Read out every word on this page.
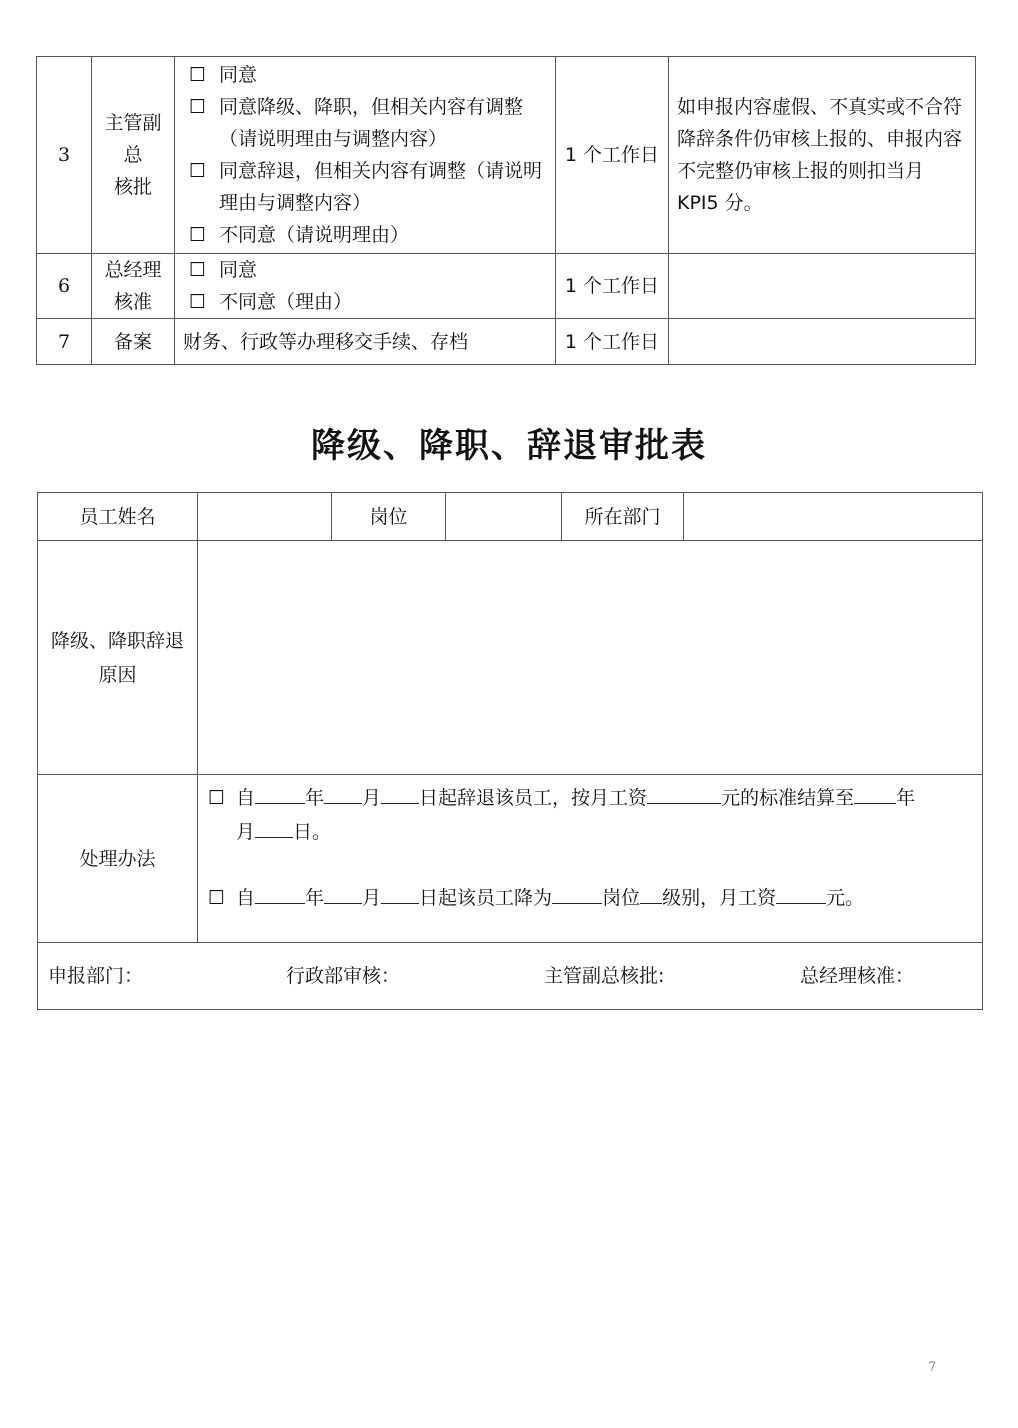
3	主管副
总
核批	☐ 同意
☐ 同意降级、降职，但相关内容有调整（请说明理由与调整内容）
☐ 同意辞退，但相关内容有调整（请说明理由与调整内容）
☐ 不同意（请说明理由）	1 个工作日	如申报内容虚假、不真实或不合符降辞条件仍审核上报的、申报内容不完整仍审核上报的则扣当月 KPI5 分。
6	总经理
核准	☐ 同意
☐ 不同意（理由）	1 个工作日	
7	备案	财务、行政等办理移交手续、存档	1 个工作日	
降级、降职、辞退审批表
员工姓名		岗位		所在部门	

降级、降职辞退
原因					

处理办法	☐ 自 年 月 日起辞退该员工，按月工资 元的标准结算至 年
月 日。
☐ 自 年 月 日起该员工降为 岗位 级别，月工资 元。				

申报部门： 行政部审核： 主管副总核批: 总经理核准：					
7
